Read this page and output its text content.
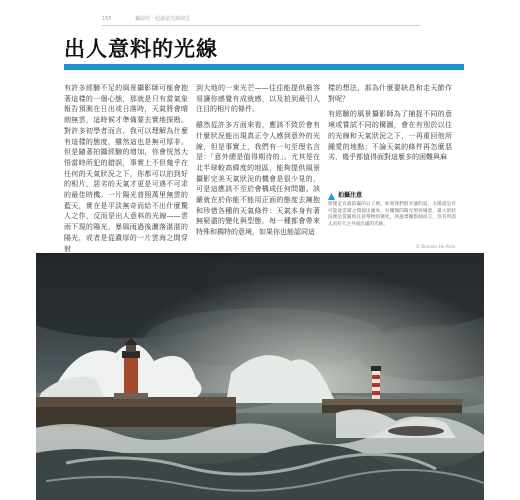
155	攝影的一起創造光線與雲
出人意料的光線

有許多經驗不足的風景攝影師可能會抱著這樣的一個心態，那就是只有當氣象報告預測在日出或日落時，天氣將會晴朗無雲，這時候才準備要去實地探勘。對許多初學者而言，我可以理解為什麼有這樣的態度，雖然這也是無可厚非。但是隨著拍攝經驗的增加，你會恍然大悟當時所犯的錯誤，事實上不但幾乎在任何的天氣狀況之下，你都可以拍到好的相片，惡劣的天氣才更是可遇不可求的最佳時機。一片陽光普照萬里無雲的藍天，實在是平淡無奇而給不出什麼驚人之作，反而是出人意料的光線——雲雨下現的陽光，暴風雨過後灑落湛湛的陽光，或者是從濃厚的一片雲海之間穿射

到大地的一束光芒——往往能提供最容易讓你感覺有成就感，以及拍到最引人注目的相片的條件。

雖然從許多方面來看，應該不致於會有什麼狀況能出現真正令人感到意外的光線，但是事實上，我們有一句至理名言是：「意外總是值得期待的」。尤其是在北半球較高緯度的地區，能夠提供風景攝影完美天氣狀況的機會是很少見的，可是這應該不至於會構成任何問題。該嚴就在於你能不能用正面的態度去擁抱和珍惜各種的天氣條件：天氣本身有著無窮盡的變化與型態，每一種都會帶來特殊和獨特的意境，如果你也能認同這

樣的想法，那為什麼要缺息和走天節作對呢？

有經驗的風景攝影師為了捕捉不同的意境或嘗試不同的構圖，會在有別於以往的光線和天氣狀況之下，一再重回他所鍾愛的地點；不論天氣的條件再怎麼惡劣，幾乎都值得面對這麼多的困難與麻

拍攝注意
影使走在最陰霾的日子裡，如果我們與幸運的話，太陽還是有可能從雲層之間探出頭來，拉樓燦的陽光照亮場景，最大的狀況便是當隨時注意帶物的變化，到風景攝影師而言，沒有所謂太直好天之外而出滿的光線。
© Dominic Ho Alvis
